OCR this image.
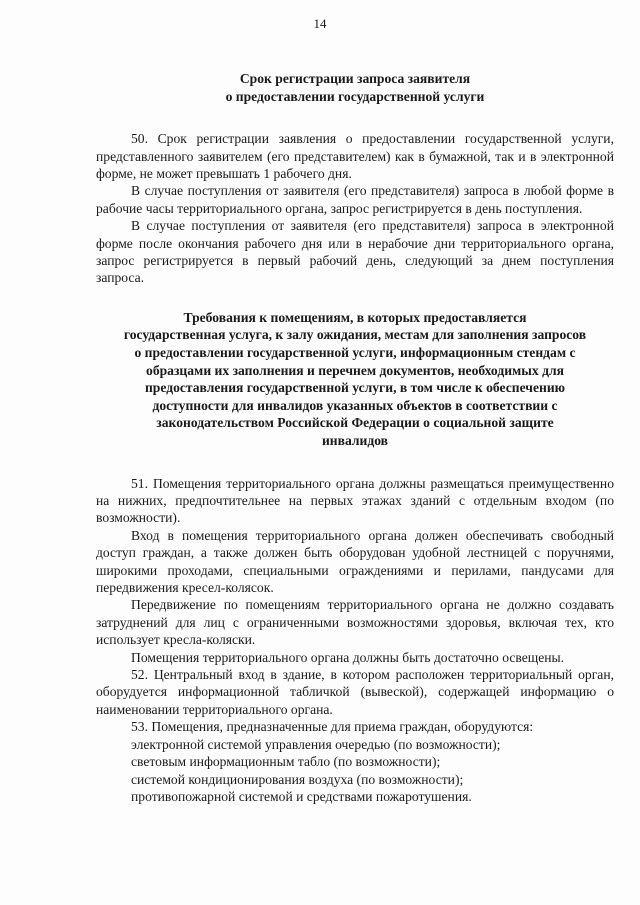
14
Срок регистрации запроса заявителя
о предоставлении государственной услуги

50. Срок регистрации заявления о предоставлении государственной услуги, представленного заявителем (его представителем) как в бумажной, так и в электронной форме, не может превышать 1 рабочего дня.

В случае поступления от заявителя (его представителя) запроса в любой форме в рабочие часы территориального органа, запрос регистрируется в день поступления.

В случае поступления от заявителя (его представителя) запроса в электронной форме после окончания рабочего дня или в нерабочие дни территориального органа, запрос регистрируется в первый рабочий день, следующий за днем поступления запроса.

Требования к помещениям, в которых предоставляется
государственная услуга, к залу ожидания, местам для заполнения запросов
о предоставлении государственной услуги, информационным стендам с
образцами их заполнения и перечнем документов, необходимых для
предоставления государственной услуги, в том числе к обеспечению
доступности для инвалидов указанных объектов в соответствии с
законодательством Российской Федерации о социальной защите
инвалидов

51. Помещения территориального органа должны размещаться преимущественно на нижних, предпочтительнее на первых этажах зданий с отдельным входом (по возможности).

Вход в помещения территориального органа должен обеспечивать свободный доступ граждан, а также должен быть оборудован удобной лестницей с поручнями, широкими проходами, специальными ограждениями и перилами, пандусами для передвижения кресел-колясок.

Передвижение по помещениям территориального органа не должно создавать затруднений для лиц с ограниченными возможностями здоровья, включая тех, кто использует кресла-коляски.

Помещения территориального органа должны быть достаточно освещены.

52. Центральный вход в здание, в котором расположен территориальный орган, оборудуется информационной табличкой (вывеской), содержащей информацию о наименовании территориального органа.

53. Помещения, предназначенные для приема граждан, оборудуются:

электронной системой управления очередью (по возможности);
световым информационным табло (по возможности);
системой кондиционирования воздуха (по возможности);
противопожарной системой и средствами пожаротушения.
